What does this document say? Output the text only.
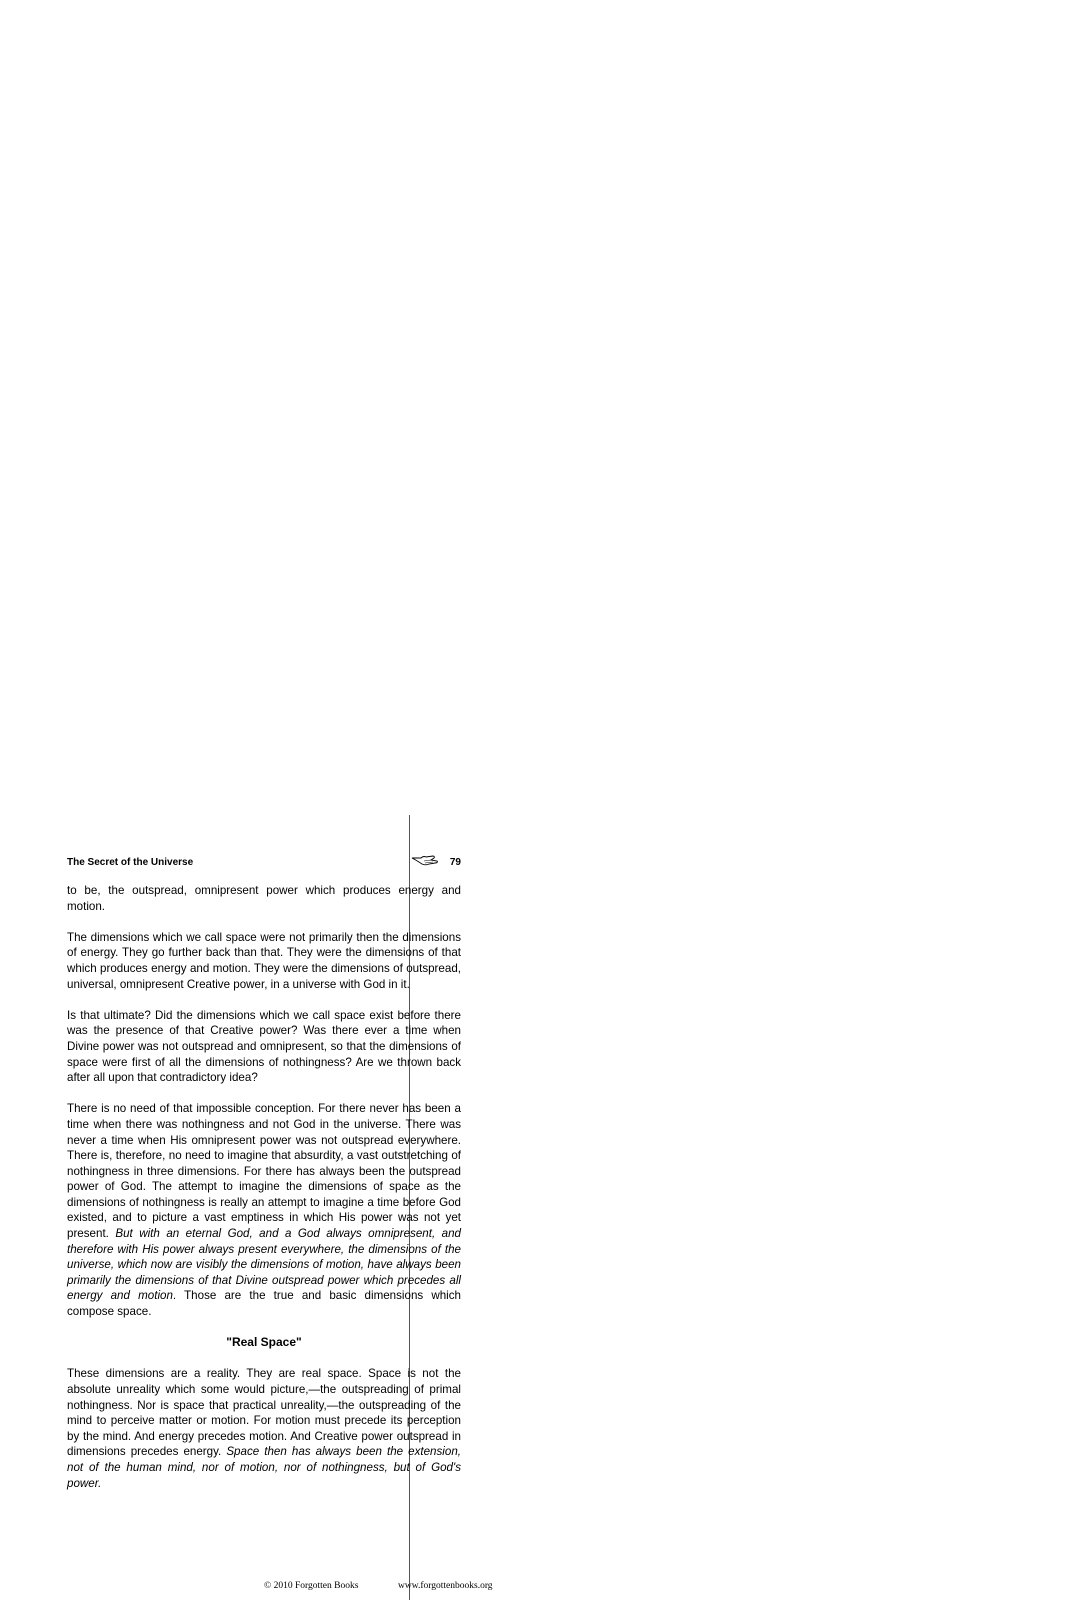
The Secret of the Universe	79

to be, the outspread, omnipresent power which produces energy and motion.

The dimensions which we call space were not primarily then the dimensions of energy. They go further back than that. They were the dimensions of that which produces energy and motion. They were the dimensions of outspread, universal, omnipresent Creative power, in a universe with God in it.

Is that ultimate? Did the dimensions which we call space exist before there was the presence of that Creative power? Was there ever a time when Divine power was not outspread and omnipresent, so that the dimensions of space were first of all the dimensions of nothingness? Are we thrown back after all upon that contradictory idea?

There is no need of that impossible conception. For there never has been a time when there was nothingness and not God in the universe. There was never a time when His omnipresent power was not outspread everywhere. There is, therefore, no need to imagine that absurdity, a vast outstretching of nothingness in three dimensions. For there has always been the outspread power of God. The attempt to imagine the dimensions of space as the dimensions of nothingness is really an attempt to imagine a time before God existed, and to picture a vast emptiness in which His power was not yet present. But with an eternal God, and a God always omnipresent, and therefore with His power always present everywhere, the dimensions of the universe, which now are visibly the dimensions of motion, have always been primarily the dimensions of that Divine outspread power which precedes all energy and motion. Those are the true and basic dimensions which compose space.

"Real Space"

These dimensions are a reality. They are real space. Space is not the absolute unreality which some would picture,—the outspreading of primal nothingness. Nor is space that practical unreality,—the outspreading of the mind to perceive matter or motion. For motion must precede its perception by the mind. And energy precedes motion. And Creative power outspread in dimensions precedes energy. Space then has always been the extension, not of the human mind, nor of motion, nor of nothingness, but of God's power.

© 2010 Forgotten Books	www.forgottenbooks.org
